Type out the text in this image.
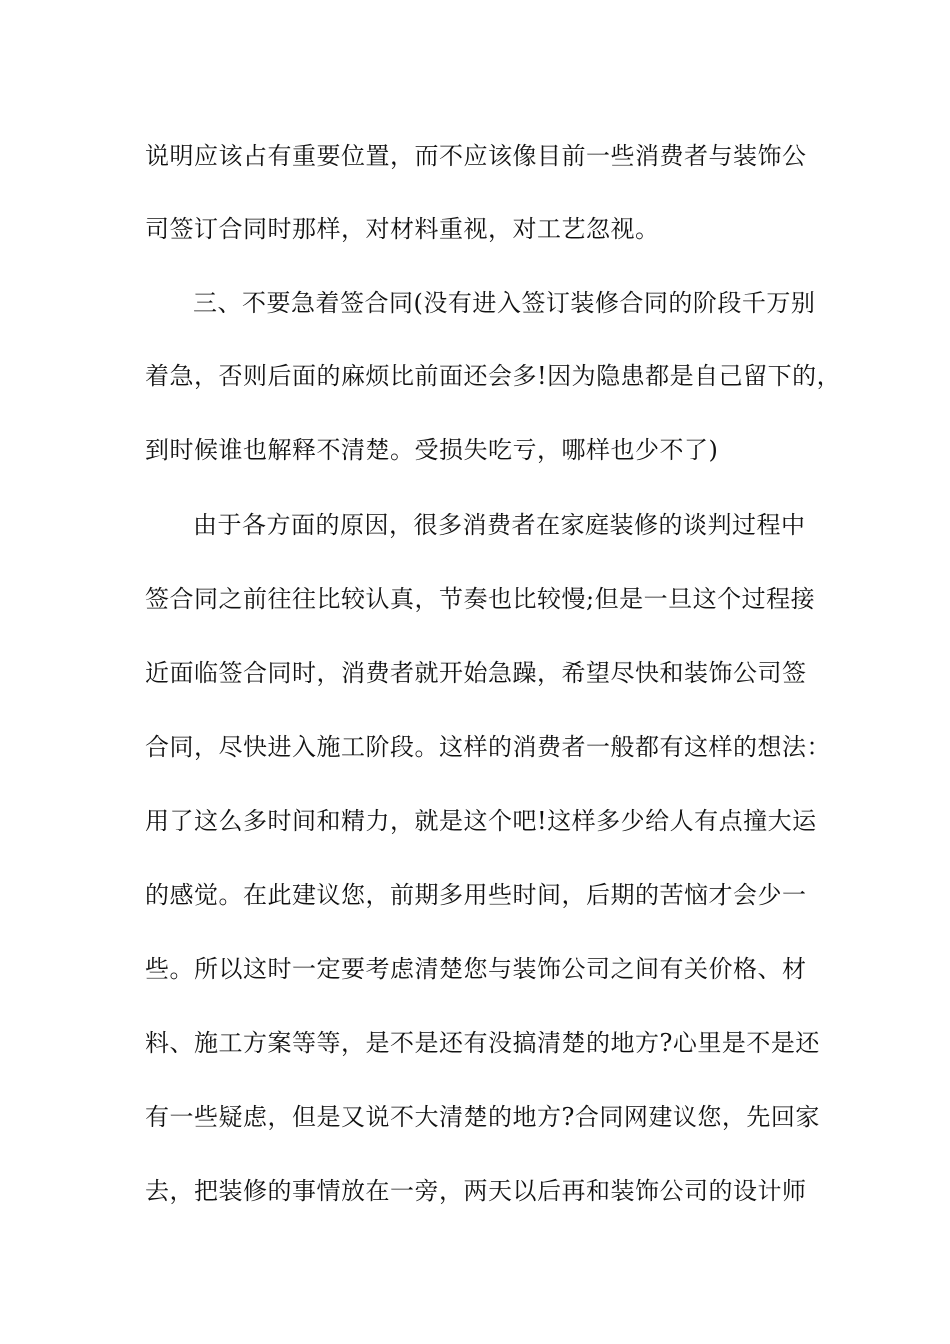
说明应该占有重要位置，而不应该像目前一些消费者与装饰公
司签订合同时那样，对材料重视，对工艺忽视。
三、不要急着签合同(没有进入签订装修合同的阶段千万别
着急，否则后面的麻烦比前面还会多!因为隐患都是自己留下的，
到时候谁也解释不清楚。受损失吃亏，哪样也少不了)
由于各方面的原因，很多消费者在家庭装修的谈判过程中
签合同之前往往比较认真，节奏也比较慢;但是一旦这个过程接
近面临签合同时，消费者就开始急躁，希望尽快和装饰公司签
合同，尽快进入施工阶段。这样的消费者一般都有这样的想法：
用了这么多时间和精力，就是这个吧!这样多少给人有点撞大运
的感觉。在此建议您，前期多用些时间，后期的苦恼才会少一
些。所以这时一定要考虑清楚您与装饰公司之间有关价格、材
料、施工方案等等，是不是还有没搞清楚的地方?心里是不是还
有一些疑虑，但是又说不大清楚的地方?合同网建议您，先回家
去，把装修的事情放在一旁，两天以后再和装饰公司的设计师
